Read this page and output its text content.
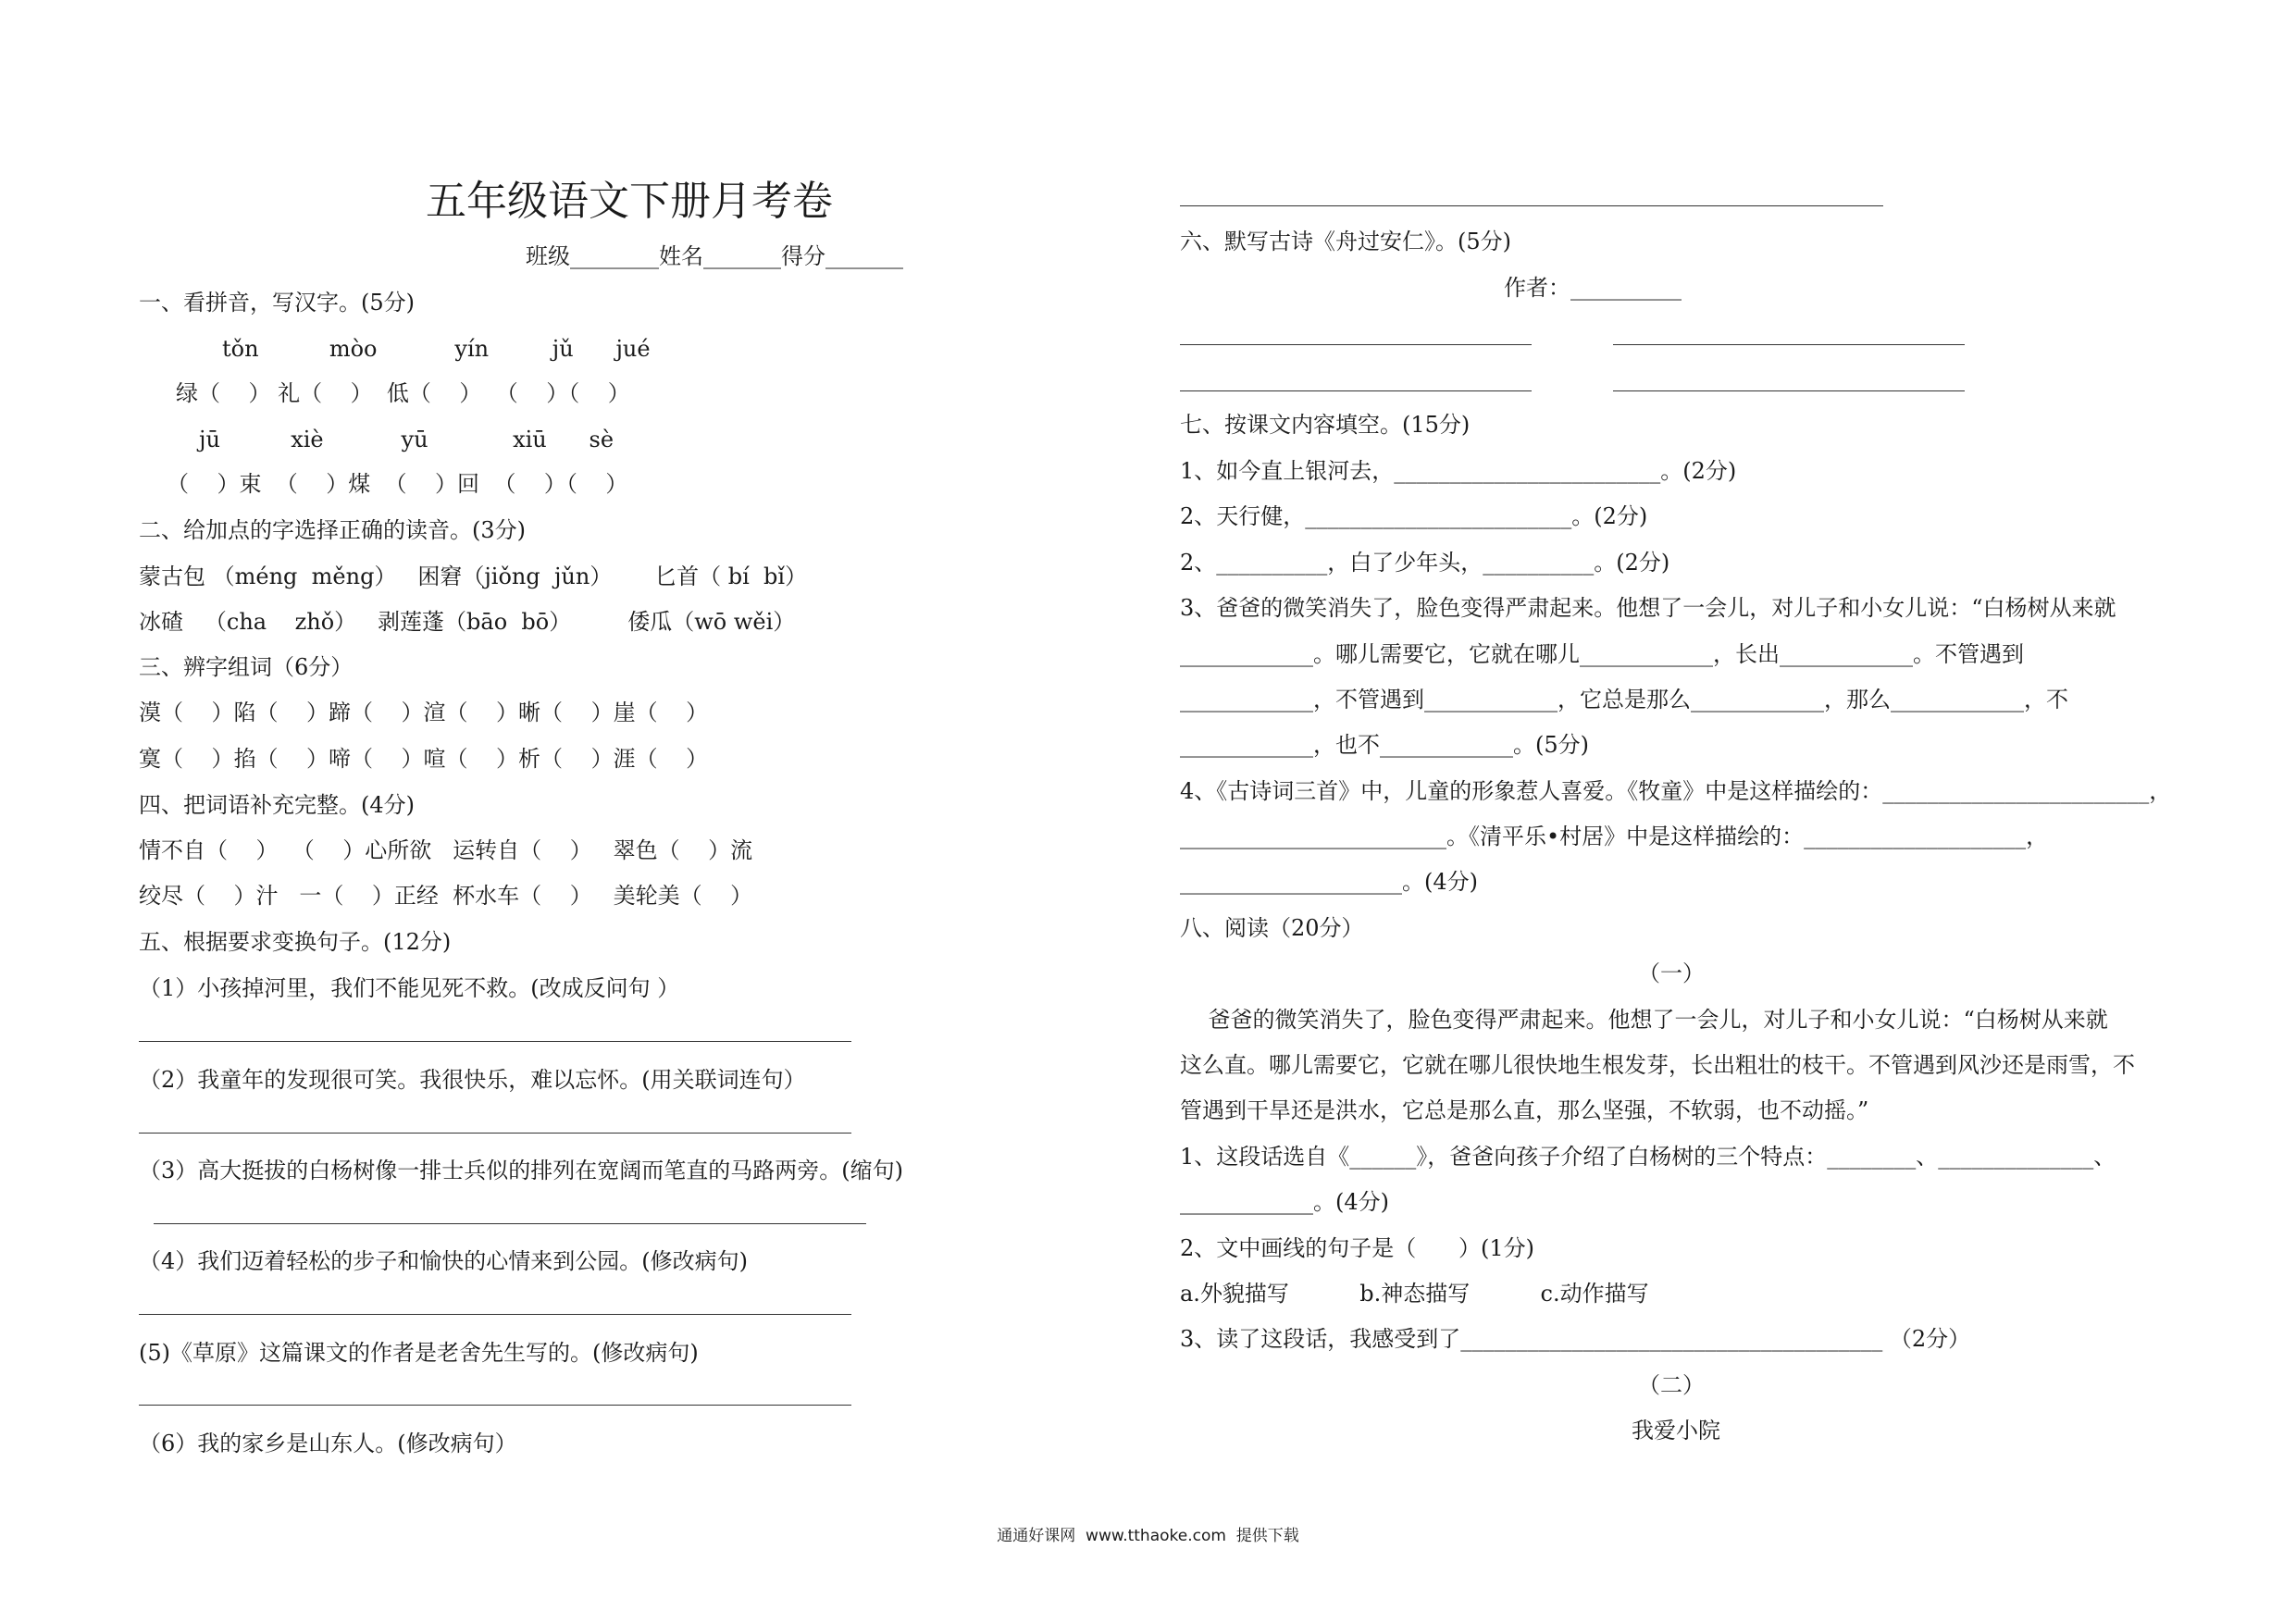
五年级语文下册月考卷
班级________姓名_______得分_______
一、看拼音，写汉字。(5分)
tǒn          mòo           yín         jǔ      jué
绿（    ） 礼（    ）  低（    ）  （    ）（    ）
jū          xiè           yū            xiū      sè
（    ）束  （    ）煤  （    ）回  （    ）（    ）
二、给加点的字选择正确的读音。(3分)
蒙古包 （méng  měng）   困窘（jiǒng  jǔn）      匕首（ bí  bǐ）
冰碴   （cha    zhǒ）   剥莲蓬（bāo  bō）        倭瓜（wō wěi）
三、辨字组词（6分）
漠（    ）陷（    ）蹄（    ）渲（    ）晰（    ）崖（    ）
寞（    ）掐（    ）啼（    ）喧（    ）析（    ）涯（    ）
四、把词语补充完整。(4分)
情不自（    ）  （    ）心所欲   运转自（    ）   翠色（    ）流
绞尽（    ）汁   一（    ）正经  杯水车（    ）   美轮美（    ）
五、根据要求变换句子。(12分)
（1）小孩掉河里，我们不能见死不救。(改成反问句 ）
（2）我童年的发现很可笑。我很快乐，难以忘怀。(用关联词连句）
（3）高大挺拔的白杨树像一排士兵似的排列在宽阔而笔直的马路两旁。(缩句)
（4）我们迈着轻松的步子和愉快的心情来到公园。(修改病句)
(5)《草原》这篇课文的作者是老舍先生写的。(修改病句)
（6）我的家乡是山东人。(修改病句）
六、默写古诗《舟过安仁》。(5分)
作者：__________
七、按课文内容填空。(15分)
1、如今直上银河去，________________________。(2分)
2、天行健，________________________。(2分)
2、__________，白了少年头，__________。(2分)
3、爸爸的微笑消失了，脸色变得严肃起来。他想了一会儿，对儿子和小女儿说：“白杨树从来就
____________。哪儿需要它，它就在哪儿____________，长出____________。不管遇到
____________，不管遇到____________，它总是那么____________，那么____________，不
____________，也不____________。(5分)
4、《古诗词三首》中，儿童的形象惹人喜爱。《牧童》中是这样描绘的：________________________，
________________________。《清平乐•村居》中是这样描绘的：____________________，
____________________。(4分)
八、阅读（20分）
（一）
爸爸的微笑消失了，脸色变得严肃起来。他想了一会儿，对儿子和小女儿说：“白杨树从来就
这么直。哪儿需要它，它就在哪儿很快地生根发芽，长出粗壮的枝干。不管遇到风沙还是雨雪，不
管遇到干旱还是洪水，它总是那么直，那么坚强，不软弱，也不动摇。”
1、这段话选自《______》，爸爸向孩子介绍了白杨树的三个特点：________、______________、
____________。(4分)
2、文中画线的句子是（      ）(1分)
a.外貌描写          b.神态描写          c.动作描写
3、读了这段话，我感受到了______________________________________ （2分）
（二）
我爱小院
通通好课网  www.tthaoke.com  提供下载
